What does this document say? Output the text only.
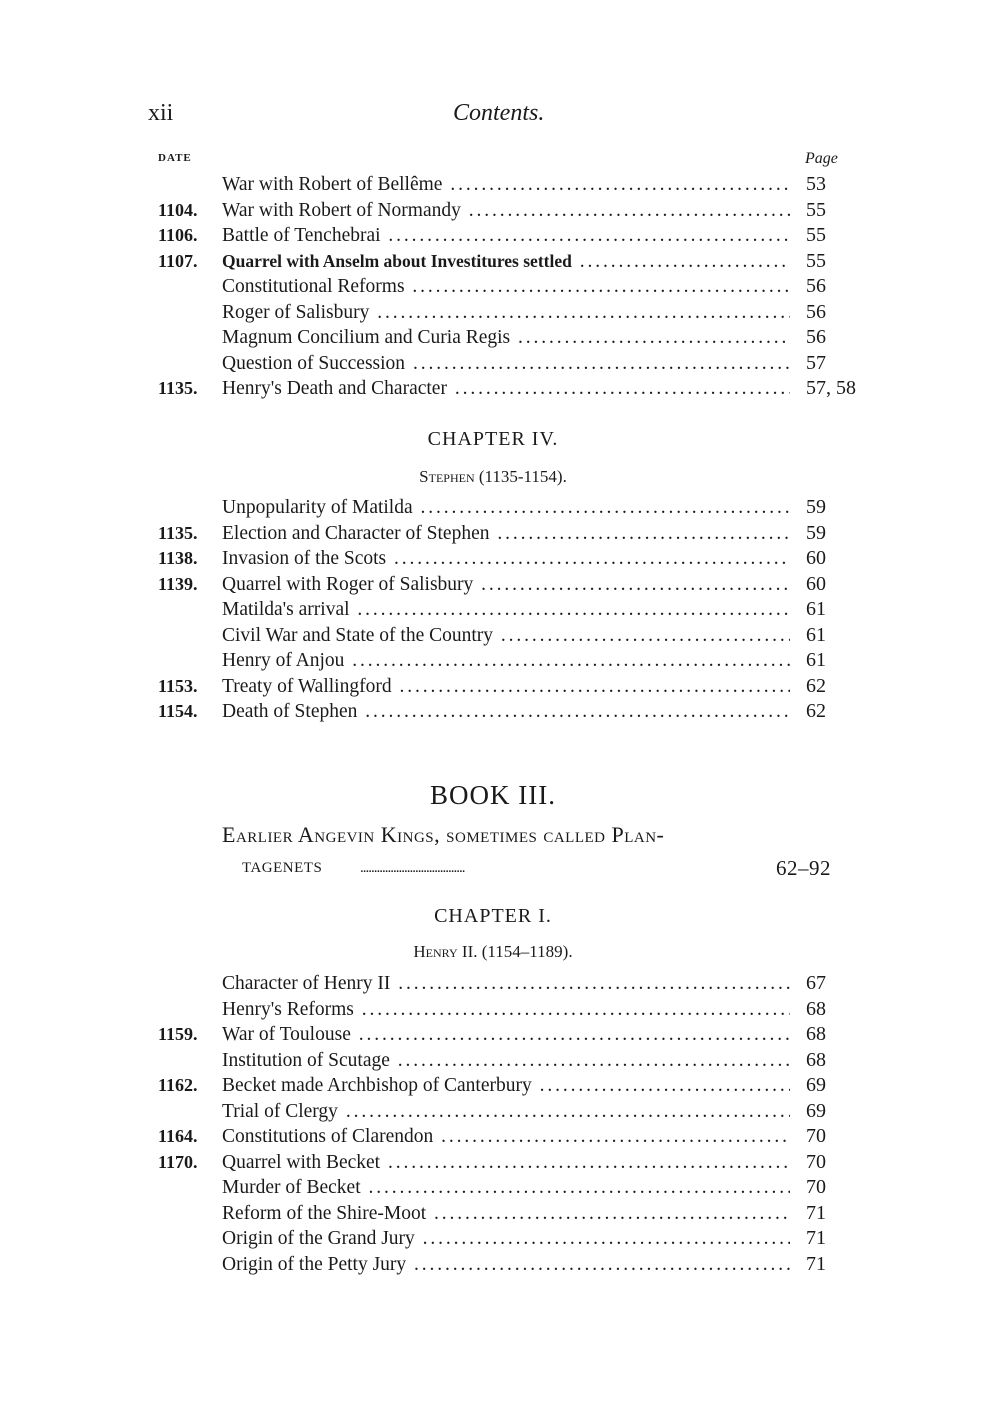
xii	Contents.
DATE	Page
War with Robert of Bellême . . .	53
1104.	War with Robert of Normandy . . .	55
1106.	Battle of Tenchebrai . . .	55
1107.	Quarrel with Anselm about Investitures settled . . .	55
Constitutional Reforms . . .	56
Roger of Salisbury . . .	56
Magnum Concilium and Curia Regis . . .	56
Question of Succession . . .	57
1135.	Henry's Death and Character . . .	57, 58
CHAPTER IV.
Stephen (1135-1154).
Unpopularity of Matilda . . .	59
1135.	Election and Character of Stephen . . .	59
1138.	Invasion of the Scots . . .	60
1139.	Quarrel with Roger of Salisbury . . .	60
Matilda's arrival . . .	61
Civil War and State of the Country . . .	61
Henry of Anjou . . .	61
1153.	Treaty of Wallingford . . .	62
1154.	Death of Stephen . . .	62
BOOK III.
Earlier Angevin Kings, sometimes called Plan-
TAGENETS	......................................	62–92
CHAPTER I.
Henry II. (1154–1189).
Character of Henry II . . .	67
Henry's Reforms . . .	68
1159.	War of Toulouse . . .	68
Institution of Scutage . . .	68
1162.	Becket made Archbishop of Canterbury . . .	69
Trial of Clergy . . .	69
1164.	Constitutions of Clarendon . . .	70
1170.	Quarrel with Becket . . .	70
Murder of Becket . . .	70
Reform of the Shire-Moot . . .	71
Origin of the Grand Jury . . .	71
Origin of the Petty Jury . . .	71
